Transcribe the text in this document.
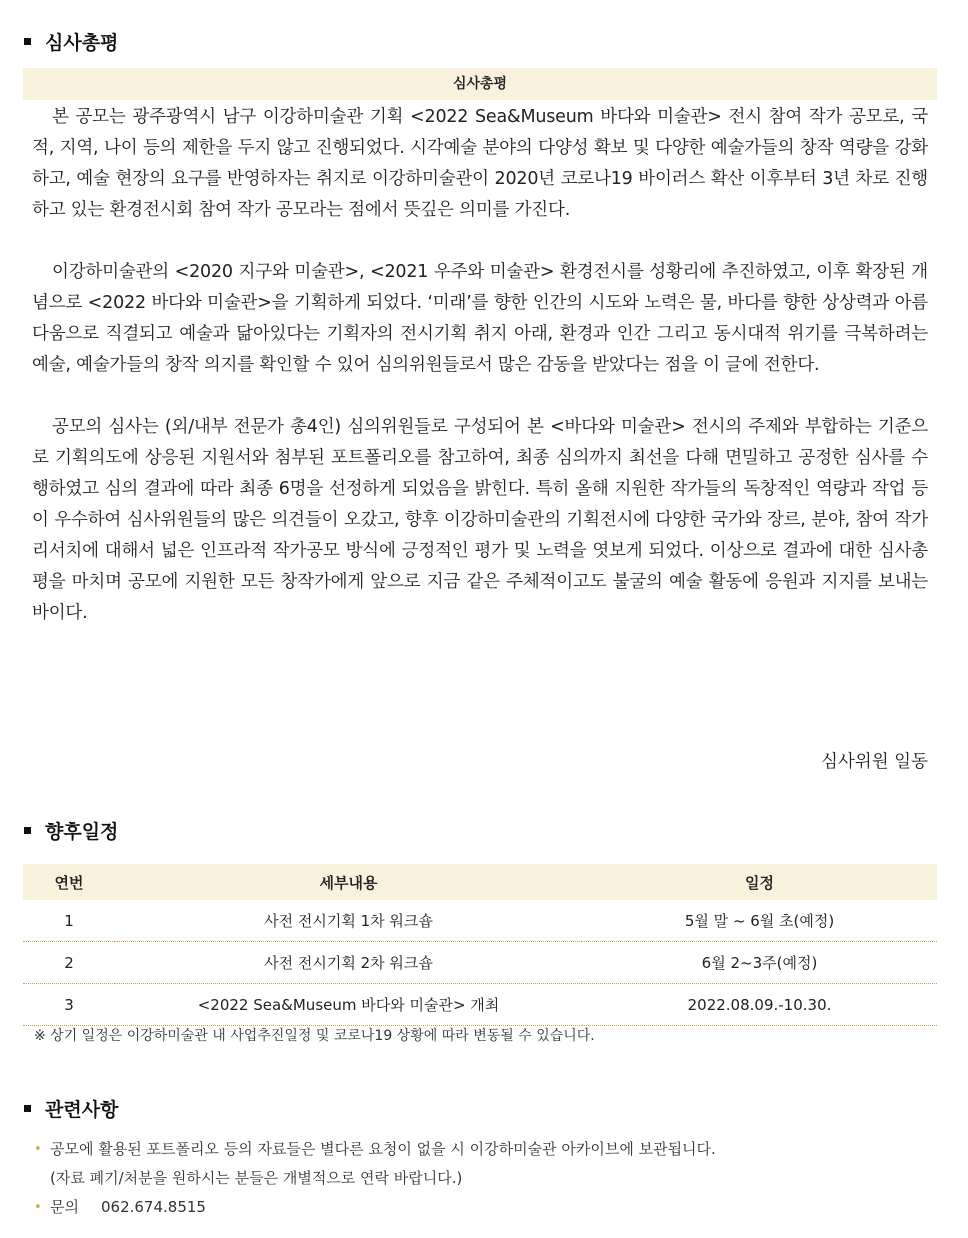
심사총평
심사총평

본 공모는 광주광역시 남구 이강하미술관 기획 <2022 Sea&Museum 바다와 미술관> 전시 참여 작가 공모로, 국적, 지역, 나이 등의 제한을 두지 않고 진행되었다. 시각예술 분야의 다양성 확보 및 다양한 예술가들의 창작 역량을 강화하고, 예술 현장의 요구를 반영하자는 취지로 이강하미술관이 2020년 코로나19 바이러스 확산 이후부터 3년 차로 진행하고 있는 환경전시회 참여 작가 공모라는 점에서 뜻깊은 의미를 가진다.

이강하미술관의 <2020 지구와 미술관>, <2021 우주와 미술관> 환경전시를 성황리에 추진하였고, 이후 확장된 개념으로 <2022 바다와 미술관>을 기획하게 되었다. ‘미래’를 향한 인간의 시도와 노력은 물, 바다를 향한 상상력과 아름다움으로 직결되고 예술과 닮아있다는 기획자의 전시기획 취지 아래, 환경과 인간 그리고 동시대적 위기를 극복하려는 예술, 예술가들의 창작 의지를 확인할 수 있어 심의위원들로서 많은 감동을 받았다는 점을 이 글에 전한다.

공모의 심사는 (외/내부 전문가 총4인) 심의위원들로 구성되어 본 <바다와 미술관> 전시의 주제와 부합하는 기준으로 기획의도에 상응된 지원서와 첨부된 포트폴리오를 참고하여, 최종 심의까지 최선을 다해 면밀하고 공정한 심사를 수행하였고 심의 결과에 따라 최종 6명을 선정하게 되었음을 밝힌다. 특히 올해 지원한 작가들의 독창적인 역량과 작업 등이 우수하여 심사위원들의 많은 의견들이 오갔고, 향후 이강하미술관의 기획전시에 다양한 국가와 장르, 분야, 참여 작가 리서치에 대해서 넓은 인프라적 작가공모 방식에 긍정적인 평가 및 노력을 엿보게 되었다. 이상으로 결과에 대한 심사총평을 마치며 공모에 지원한 모든 창작가에게 앞으로 지금 같은 주체적이고도 불굴의 예술 활동에 응원과 지지를 보내는 바이다.

심사위원 일동
향후일정
연번	세부내용	일정
1	사전 전시기획 1차 워크숍	5월 말 ~ 6월 초(예정)
2	사전 전시기획 2차 워크숍	6월 2~3주(예정)
3	<2022 Sea&Museum 바다와 미술관> 개최	2022.08.09.-10.30.
※ 상기 일정은 이강하미술관 내 사업추진일정 및 코로나19 상황에 따라 변동될 수 있습니다.
관련사항
• 공모에 활용된 포트폴리오 등의 자료들은 별다른 요청이 없을 시 이강하미술관 아카이브에 보관됩니다.
(자료 폐기/처분을 원하시는 분들은 개별적으로 연락 바랍니다.)
• 문의 062.674.8515
